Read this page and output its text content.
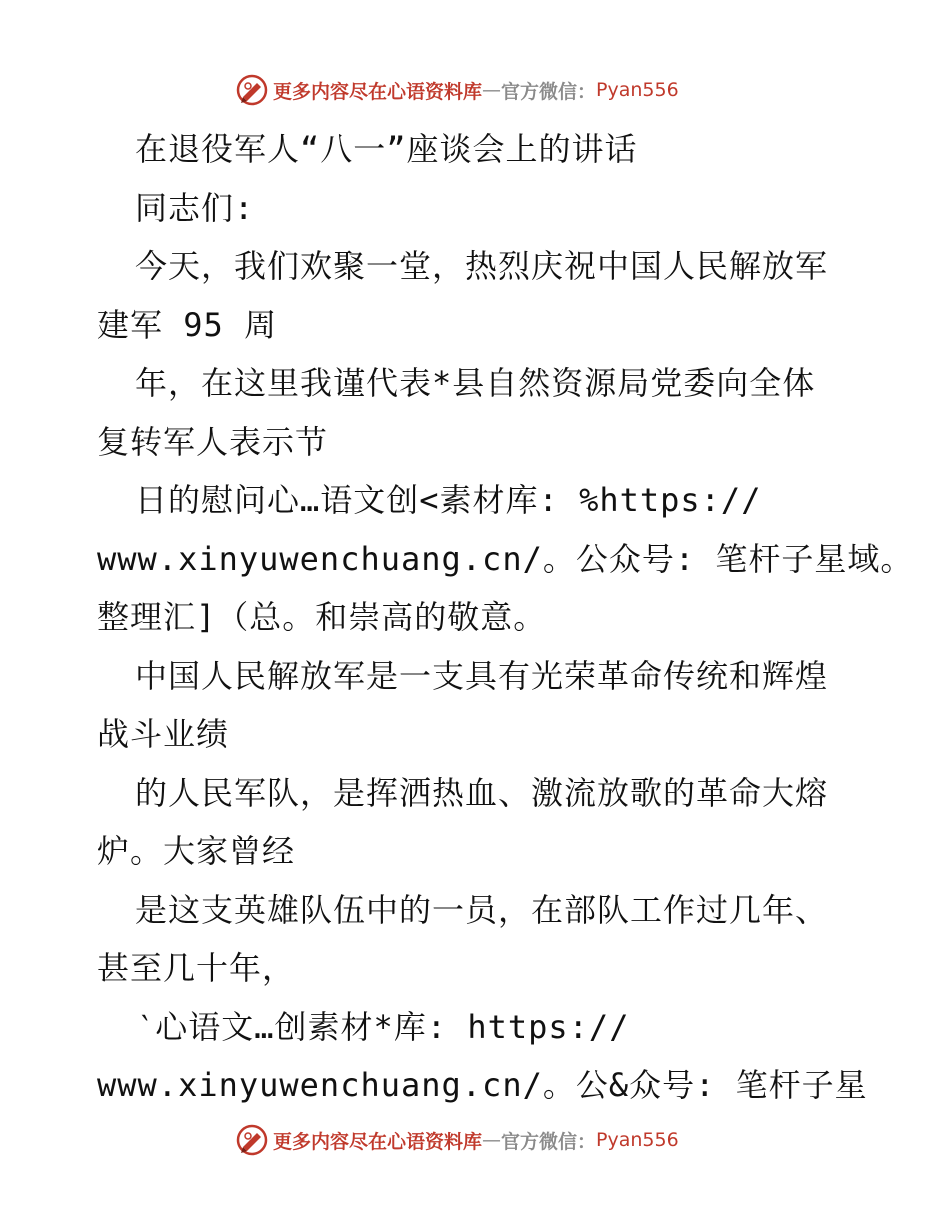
更多内容尽在心语资料库 — 官方微信： Pyan556
在退役军人“八一”座谈会上的讲话
同志们:
今天，我们欢聚一堂，热烈庆祝中国人民解放军
建军 95 周
年，在这里我谨代表*县自然资源局党委向全体
复转军人表示节
日的慰问心…语文创<素材库: %https://
www.xinyuwenchuang.cn/。公众号: 笔杆子星域。
整理汇]（总。和崇高的敬意。
中国人民解放军是一支具有光荣革命传统和辉煌
战斗业绩
的人民军队，是挥洒热血、激流放歌的革命大熔
炉。大家曾经
是这支英雄队伍中的一员，在部队工作过几年、
甚至几十年，
‵心语文…创素材*库: https://
www.xinyuwenchuang.cn/。公&众号: 笔杆子星
更多内容尽在心语资料库 — 官方微信： Pyan556
